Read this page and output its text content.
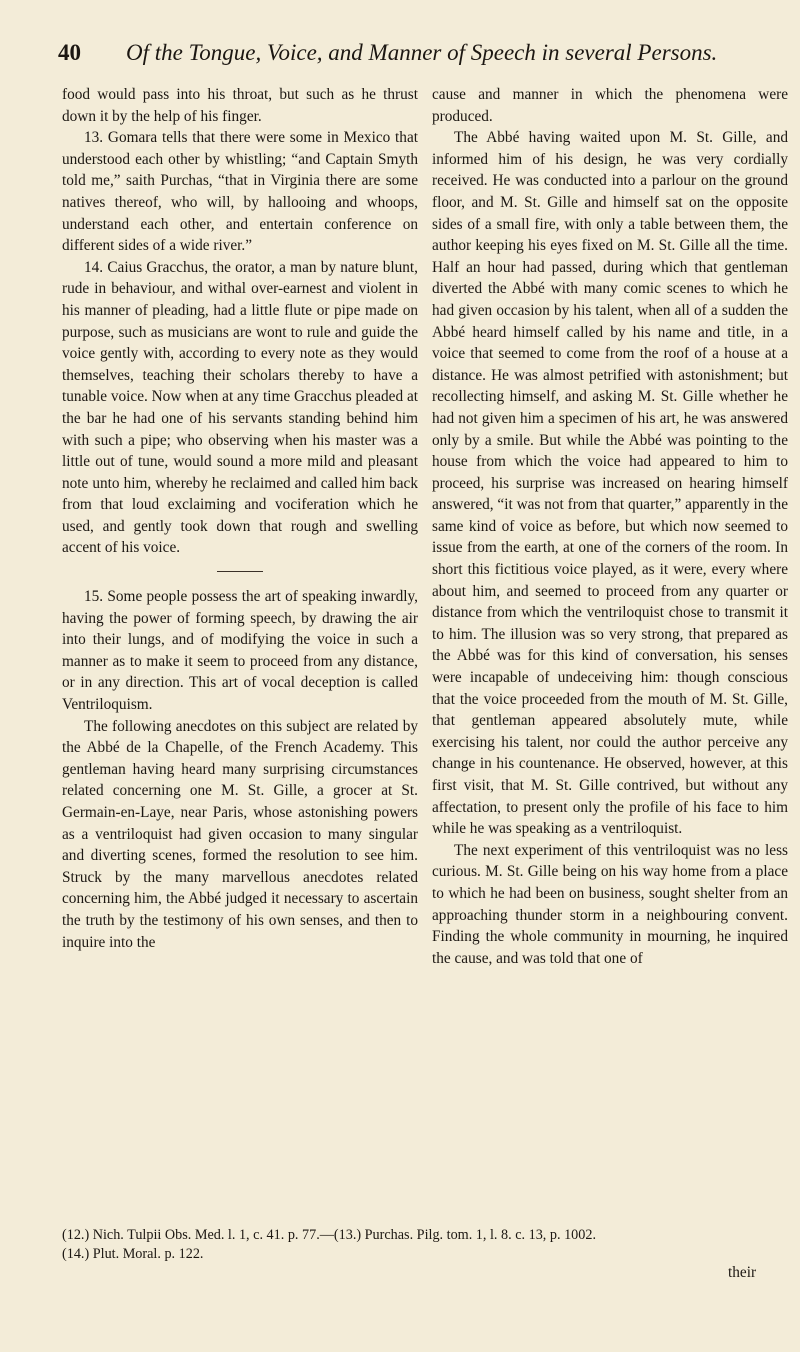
40 Of the Tongue, Voice, and Manner of Speech in several Persons.

food would pass into his throat, but such as he thrust down it by the help of his finger.

13. Gomara tells that there were some in Mexico that understood each other by whistling; “and Captain Smyth told me,” saith Purchas, “that in Virginia there are some natives thereof, who will, by hallooing and whoops, understand each other, and entertain conference on different sides of a wide river.”

14. Caius Gracchus, the orator, a man by nature blunt, rude in behaviour, and withal over-earnest and violent in his manner of pleading, had a little flute or pipe made on purpose, such as musicians are wont to rule and guide the voice gently with, according to every note as they would themselves, teaching their scholars thereby to have a tunable voice. Now when at any time Gracchus pleaded at the bar he had one of his servants standing behind him with such a pipe; who observing when his master was a little out of tune, would sound a more mild and pleasant note unto him, whereby he reclaimed and called him back from that loud exclaiming and vociferation which he used, and gently took down that rough and swelling accent of his voice.

15. Some people possess the art of speaking inwardly, having the power of forming speech, by drawing the air into their lungs, and of modifying the voice in such a manner as to make it seem to proceed from any distance, or in any direction. This art of vocal deception is called Ventriloquism.

The following anecdotes on this subject are related by the Abbé de la Chapelle, of the French Academy. This gentleman having heard many surprising circumstances related concerning one M. St. Gille, a grocer at St. Germain-en-Laye, near Paris, whose astonishing powers as a ventriloquist had given occasion to many singular and diverting scenes, formed the resolution to see him. Struck by the many marvellous anecdotes related concerning him, the Abbé judged it necessary to ascertain the truth by the testimony of his own senses, and then to inquire into the

cause and manner in which the phenomena were produced.

The Abbé having waited upon M. St. Gille, and informed him of his design, he was very cordially received. He was conducted into a parlour on the ground floor, and M. St. Gille and himself sat on the opposite sides of a small fire, with only a table between them, the author keeping his eyes fixed on M. St. Gille all the time. Half an hour had passed, during which that gentleman diverted the Abbé with many comic scenes to which he had given occasion by his talent, when all of a sudden the Abbé heard himself called by his name and title, in a voice that seemed to come from the roof of a house at a distance. He was almost petrified with astonishment; but recollecting himself, and asking M. St. Gille whether he had not given him a specimen of his art, he was answered only by a smile. But while the Abbé was pointing to the house from which the voice had appeared to him to proceed, his surprise was increased on hearing himself answered, “it was not from that quarter,” apparently in the same kind of voice as before, but which now seemed to issue from the earth, at one of the corners of the room. In short this fictitious voice played, as it were, every where about him, and seemed to proceed from any quarter or distance from which the ventriloquist chose to transmit it to him. The illusion was so very strong, that prepared as the Abbé was for this kind of conversation, his senses were incapable of undeceiving him: though conscious that the voice proceeded from the mouth of M. St. Gille, that gentleman appeared absolutely mute, while exercising his talent, nor could the author perceive any change in his countenance. He observed, however, at this first visit, that M. St. Gille contrived, but without any affectation, to present only the profile of his face to him while he was speaking as a ventriloquist.

The next experiment of this ventriloquist was no less curious. M. St. Gille being on his way home from a place to which he had been on business, sought shelter from an approaching thunder storm in a neighbouring convent. Finding the whole community in mourning, he inquired the cause, and was told that one of

(12.) Nich. Tulpii Obs. Med. l. 1, c. 41. p. 77.—(13.) Purchas. Pilg. tom. 1, l. 8. c. 13, p. 1002.
(14.) Plut. Moral. p. 122.
their
